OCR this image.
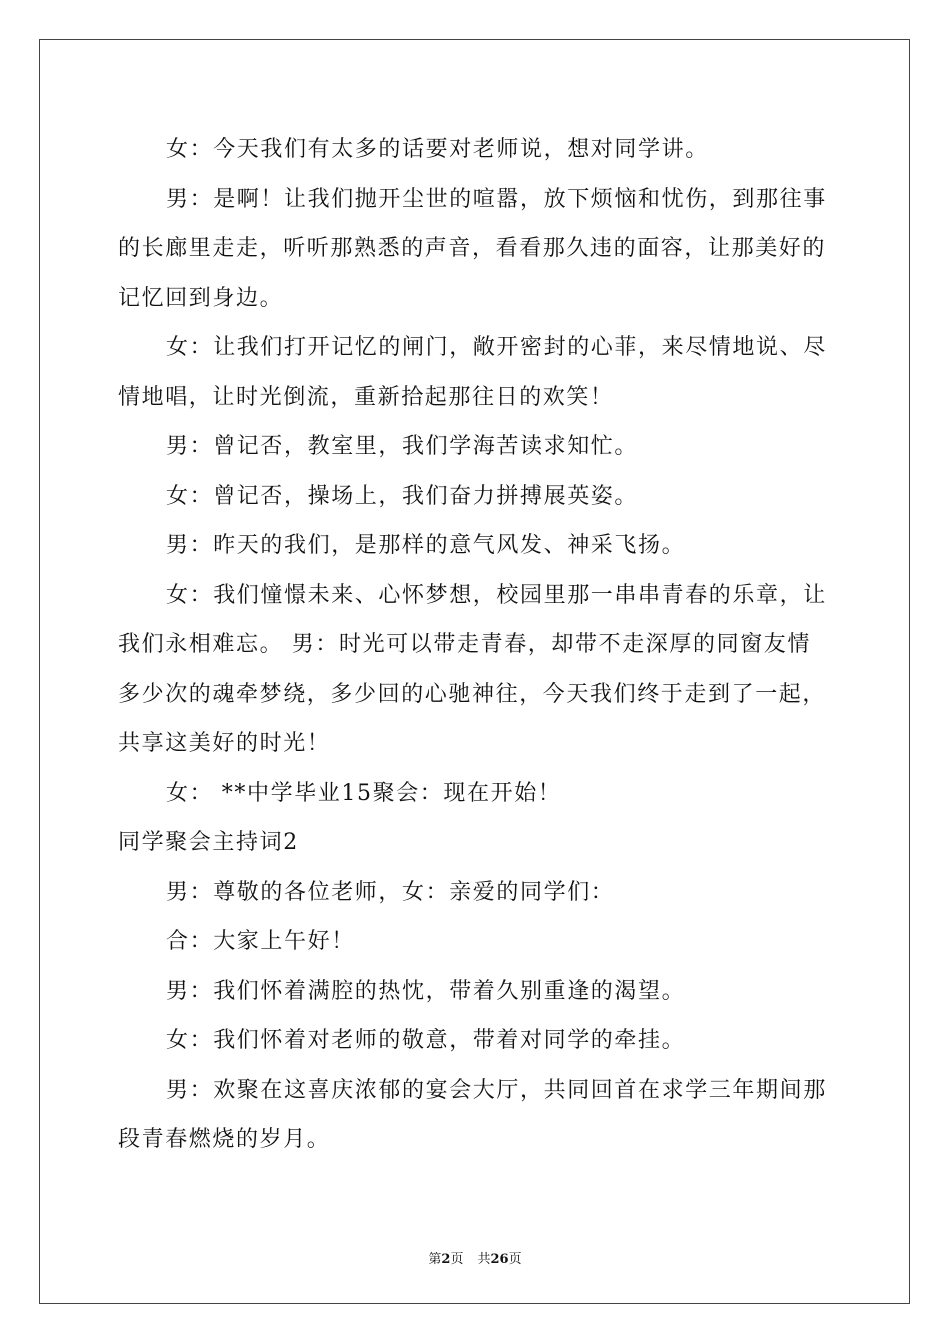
女：今天我们有太多的话要对老师说，想对同学讲。

男：是啊！让我们抛开尘世的喧嚣，放下烦恼和忧伤，到那往事的长廊里走走，听听那熟悉的声音，看看那久违的面容，让那美好的记忆回到身边。

女：让我们打开记忆的闸门，敞开密封的心菲，来尽情地说、尽情地唱，让时光倒流，重新拾起那往日的欢笑！

男：曾记否，教室里，我们学海苦读求知忙。

女：曾记否，操场上，我们奋力拼搏展英姿。

男：昨天的我们，是那样的意气风发、神采飞扬。

女：我们憧憬未来、心怀梦想，校园里那一串串青春的乐章，让我们永相难忘。 男：时光可以带走青春，却带不走深厚的同窗友情多少次的魂牵梦绕，多少回的心驰神往，今天我们终于走到了一起，共享这美好的时光！

女： **中学毕业15聚会：现在开始！

同学聚会主持词2

男：尊敬的各位老师，女：亲爱的同学们：

合：大家上午好！

男：我们怀着满腔的热忱，带着久别重逢的渴望。

女：我们怀着对老师的敬意，带着对同学的牵挂。

男：欢聚在这喜庆浓郁的宴会大厅，共同回首在求学三年期间那段青春燃烧的岁月。

第2页 共26页
